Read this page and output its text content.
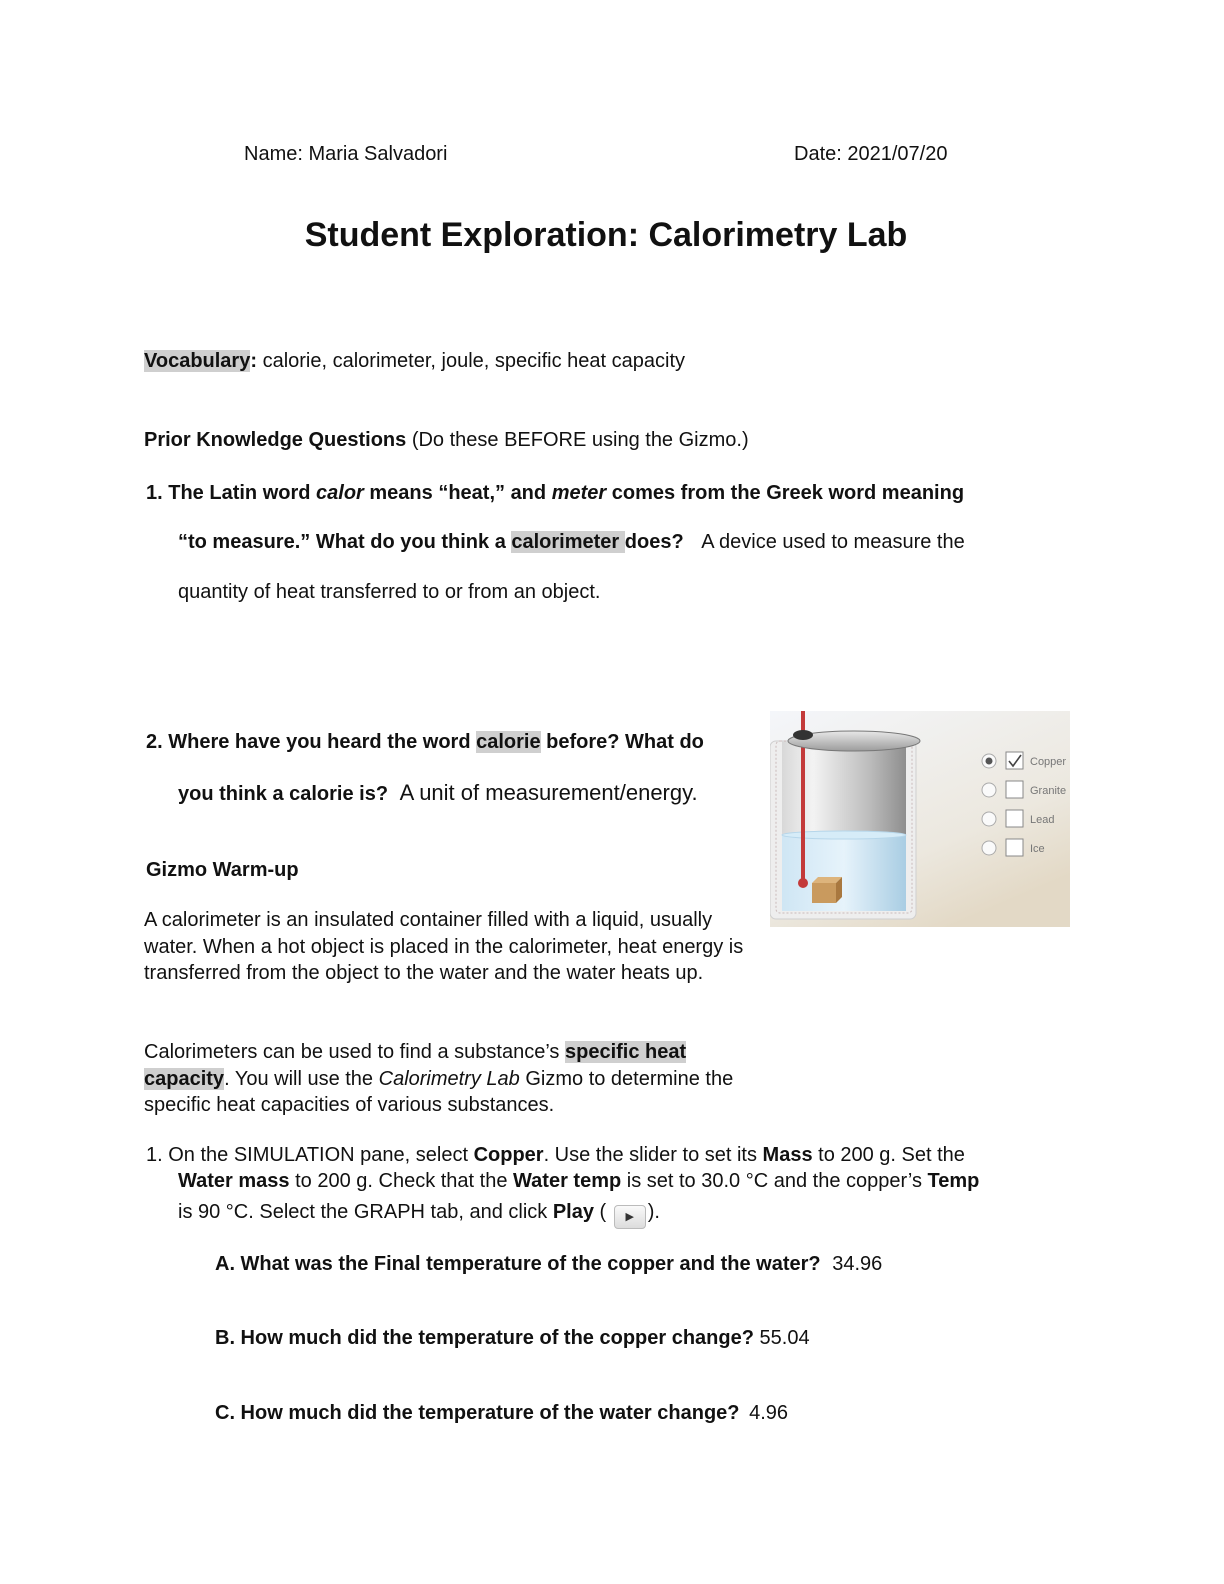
Name: Maria Salvadori	Date: 2021/07/20
Student Exploration: Calorimetry Lab
Vocabulary: calorie, calorimeter, joule, specific heat capacity
Prior Knowledge Questions (Do these BEFORE using the Gizmo.)
1. The Latin word calor means “heat,” and meter comes from the Greek word meaning
“to measure.” What do you think a calorimeter does? A device used to measure the
quantity of heat transferred to or from an object.
2. Where have you heard the word calorie before? What do
you think a calorie is? A unit of measurement/energy.
Copper
Granite
Lead
Ice
Gizmo Warm-up
A calorimeter is an insulated container filled with a liquid, usually water. When a hot object is placed in the calorimeter, heat energy is transferred from the object to the water and the water heats up.
Calorimeters can be used to find a substance’s specific heat capacity. You will use the Calorimetry Lab Gizmo to determine the specific heat capacities of various substances.
1. On the SIMULATION pane, select Copper. Use the slider to set its Mass to 200 g. Set the
Water mass to 200 g. Check that the Water temp is set to 30.0 °C and the copper’s Temp
is 90 °C. Select the GRAPH tab, and click Play ( ▶ ).
A. What was the Final temperature of the copper and the water? 34.96
B. How much did the temperature of the copper change? 55.04
C. How much did the temperature of the water change? 4.96
